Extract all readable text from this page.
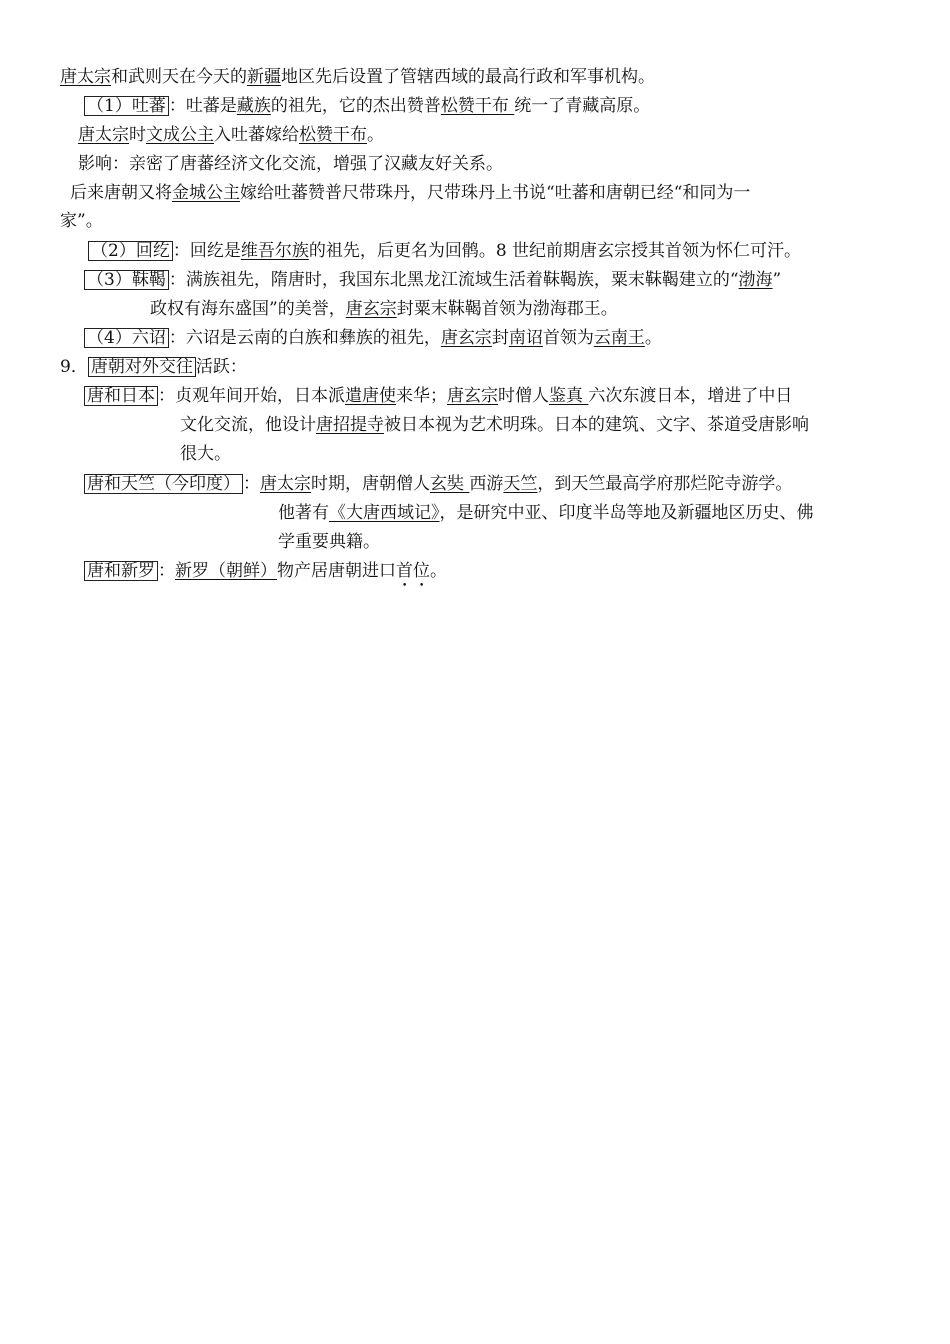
唐太宗和武则天在今天的新疆地区先后设置了管辖西域的最高行政和军事机构。
（1）吐蕃 ：吐蕃是藏族的祖先，它的杰出赞普松赞干布 统一了青藏高原。
唐太宗时文成公主入吐蕃嫁给松赞干布。
影响：亲密了唐蕃经济文化交流，增强了汉藏友好关系。
后来唐朝又将金城公主嫁给吐蕃赞普尺带珠丹，尺带珠丹上书说“吐蕃和唐朝已经“和同为一
家”。
（2）回纥 ：回纥是维吾尔族的祖先，后更名为回鹘。8 世纪前期唐玄宗授其首领为怀仁可汗。
（3）靺鞨 ：满族祖先，隋唐时，我国东北黑龙江流域生活着靺鞨族，粟末靺鞨建立的“渤海”
政权有海东盛国”的美誉，唐玄宗封粟末靺鞨首领为渤海郡王。
（4）六诏 ：六诏是云南的白族和彝族的祖先，唐玄宗封南诏首领为云南王。
9． 唐朝对外交往 活跃：
唐和日本 ：贞观年间开始，日本派遣唐使来华；唐玄宗时僧人鉴真 六次东渡日本，增进了中日
文化交流，他设计唐招提寺被日本视为艺术明珠。日本的建筑、文字、茶道受唐影响
很大。
唐和天竺（今印度） ：唐太宗时期，唐朝僧人玄奘 西游天竺，到天竺最高学府那烂陀寺游学。
他著有《大唐西域记》，是研究中亚、印度半岛等地及新疆地区历史、佛
学重要典籍。
唐和新罗 ：新罗（朝鲜）物产居唐朝进口首位。
